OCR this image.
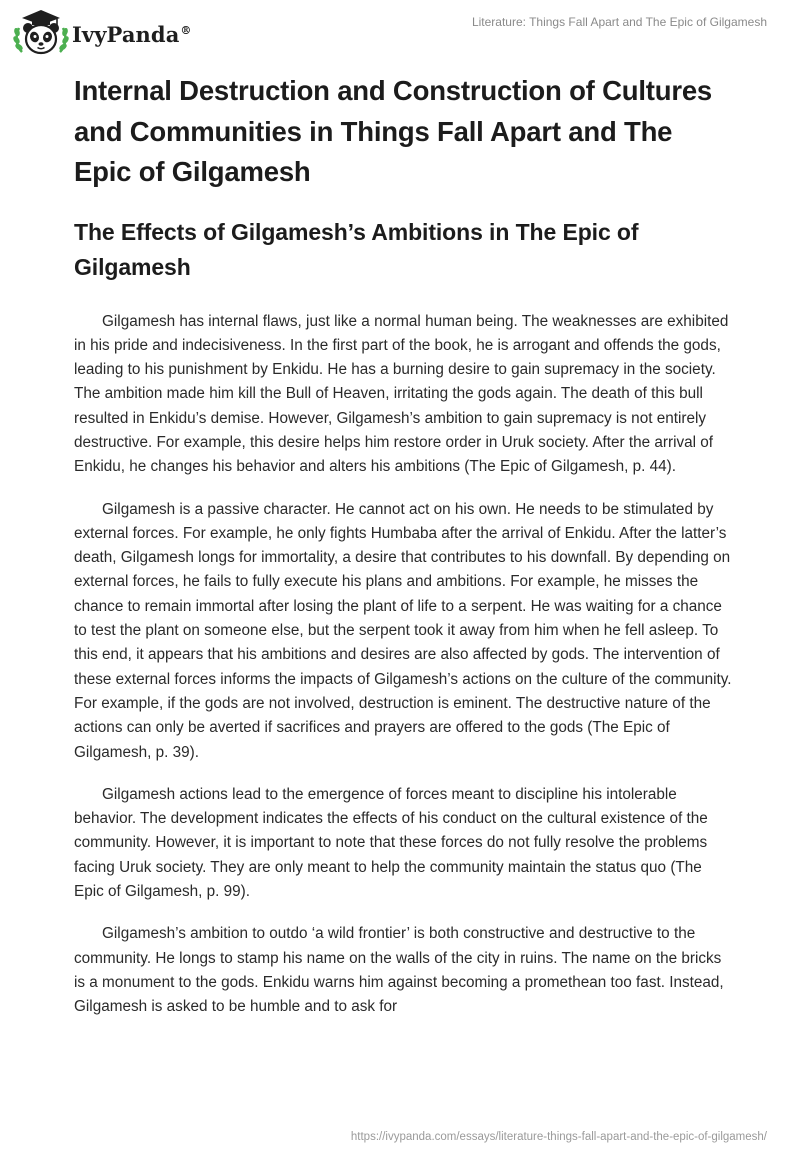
IvyPanda®
Literature: Things Fall Apart and The Epic of Gilgamesh
Internal Destruction and Construction of Cultures and Communities in Things Fall Apart and The Epic of Gilgamesh
The Effects of Gilgamesh’s Ambitions in The Epic of Gilgamesh

Gilgamesh has internal flaws, just like a normal human being. The weaknesses are exhibited in his pride and indecisiveness. In the first part of the book, he is arrogant and offends the gods, leading to his punishment by Enkidu. He has a burning desire to gain supremacy in the society. The ambition made him kill the Bull of Heaven, irritating the gods again. The death of this bull resulted in Enkidu’s demise. However, Gilgamesh’s ambition to gain supremacy is not entirely destructive. For example, this desire helps him restore order in Uruk society. After the arrival of Enkidu, he changes his behavior and alters his ambitions (The Epic of Gilgamesh, p. 44).

Gilgamesh is a passive character. He cannot act on his own. He needs to be stimulated by external forces. For example, he only fights Humbaba after the arrival of Enkidu. After the latter’s death, Gilgamesh longs for immortality, a desire that contributes to his downfall. By depending on external forces, he fails to fully execute his plans and ambitions. For example, he misses the chance to remain immortal after losing the plant of life to a serpent. He was waiting for a chance to test the plant on someone else, but the serpent took it away from him when he fell asleep. To this end, it appears that his ambitions and desires are also affected by gods. The intervention of these external forces informs the impacts of Gilgamesh’s actions on the culture of the community. For example, if the gods are not involved, destruction is eminent. The destructive nature of the actions can only be averted if sacrifices and prayers are offered to the gods (The Epic of Gilgamesh, p. 39).

Gilgamesh actions lead to the emergence of forces meant to discipline his intolerable behavior. The development indicates the effects of his conduct on the cultural existence of the community. However, it is important to note that these forces do not fully resolve the problems facing Uruk society. They are only meant to help the community maintain the status quo (The Epic of Gilgamesh, p. 99).

Gilgamesh’s ambition to outdo ‘a wild frontier’ is both constructive and destructive to the community. He longs to stamp his name on the walls of the city in ruins. The name on the bricks is a monument to the gods. Enkidu warns him against becoming a promethean too fast. Instead, Gilgamesh is asked to be humble and to ask for

https://ivypanda.com/essays/literature-things-fall-apart-and-the-epic-of-gilgamesh/
